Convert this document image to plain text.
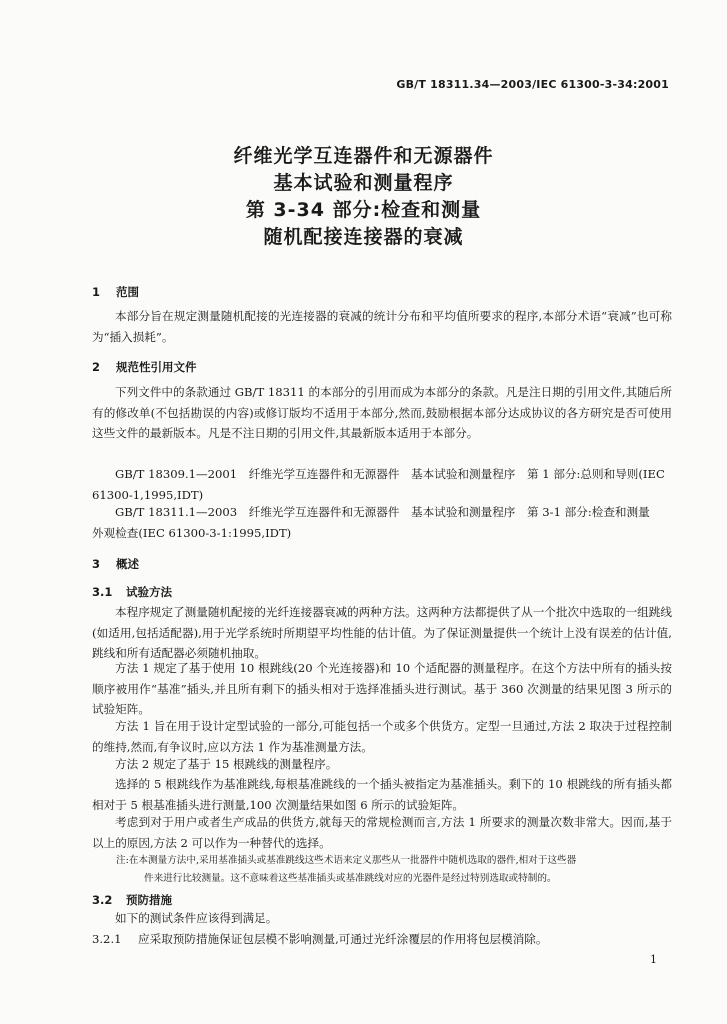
GB/T 18311.34—2003/IEC 61300-3-34:2001
纤维光学互连器件和无源器件
基本试验和测量程序
第 3-34 部分:检查和测量
随机配接连接器的衰减
1 范围
本部分旨在规定测量随机配接的光连接器的衰减的统计分布和平均值所要求的程序,本部分术语“衰减”也可称为“插入损耗”。
2 规范性引用文件
下列文件中的条款通过 GB/T 18311 的本部分的引用而成为本部分的条款。凡是注日期的引用文件,其随后所有的修改单(不包括勘误的内容)或修订版均不适用于本部分,然而,鼓励根据本部分达成协议的各方研究是否可使用这些文件的最新版本。凡是不注日期的引用文件,其最新版本适用于本部分。
GB/T 18309.1—2001　纤维光学互连器件和无源器件　基本试验和测量程序　第 1 部分:总则和导则(IEC 61300-1,1995,IDT)
GB/T 18311.1—2003　纤维光学互连器件和无源器件　基本试验和测量程序　第 3-1 部分:检查和测量　外观检查(IEC 61300-3-1:1995,IDT)
3 概述
3.1 试验方法
本程序规定了测量随机配接的光纤连接器衰减的两种方法。这两种方法都提供了从一个批次中选取的一组跳线(如适用,包括适配器),用于光学系统时所期望平均性能的估计值。为了保证测量提供一个统计上没有误差的估计值,跳线和所有适配器必须随机抽取。
方法 1 规定了基于使用 10 根跳线(20 个光连接器)和 10 个适配器的测量程序。在这个方法中所有的插头按顺序被用作“基准”插头,并且所有剩下的插头相对于选择准插头进行测试。基于 360 次测量的结果见图 3 所示的试验矩阵。
方法 1 旨在用于设计定型试验的一部分,可能包括一个或多个供货方。定型一旦通过,方法 2 取决于过程控制的维持,然而,有争议时,应以方法 1 作为基准测量方法。
方法 2 规定了基于 15 根跳线的测量程序。
选择的 5 根跳线作为基准跳线,每根基准跳线的一个插头被指定为基准插头。剩下的 10 根跳线的所有插头都相对于 5 根基准插头进行测量,100 次测量结果如图 6 所示的试验矩阵。
考虑到对于用户或者生产成品的供货方,就每天的常规检测而言,方法 1 所要求的测量次数非常大。因而,基于以上的原因,方法 2 可以作为一种替代的选择。
注:在本测量方法中,采用基准插头或基准跳线这些术语来定义那些从一批器件中随机选取的器件,相对于这些器
件来进行比较测量。这不意味着这些基准插头或基准跳线对应的光器件是经过特别选取或特制的。
3.2 预防措施
如下的测试条件应该得到满足。
3.2.1 应采取预防措施保证包层模不影响测量,可通过光纤涂覆层的作用将包层模消除。
1
